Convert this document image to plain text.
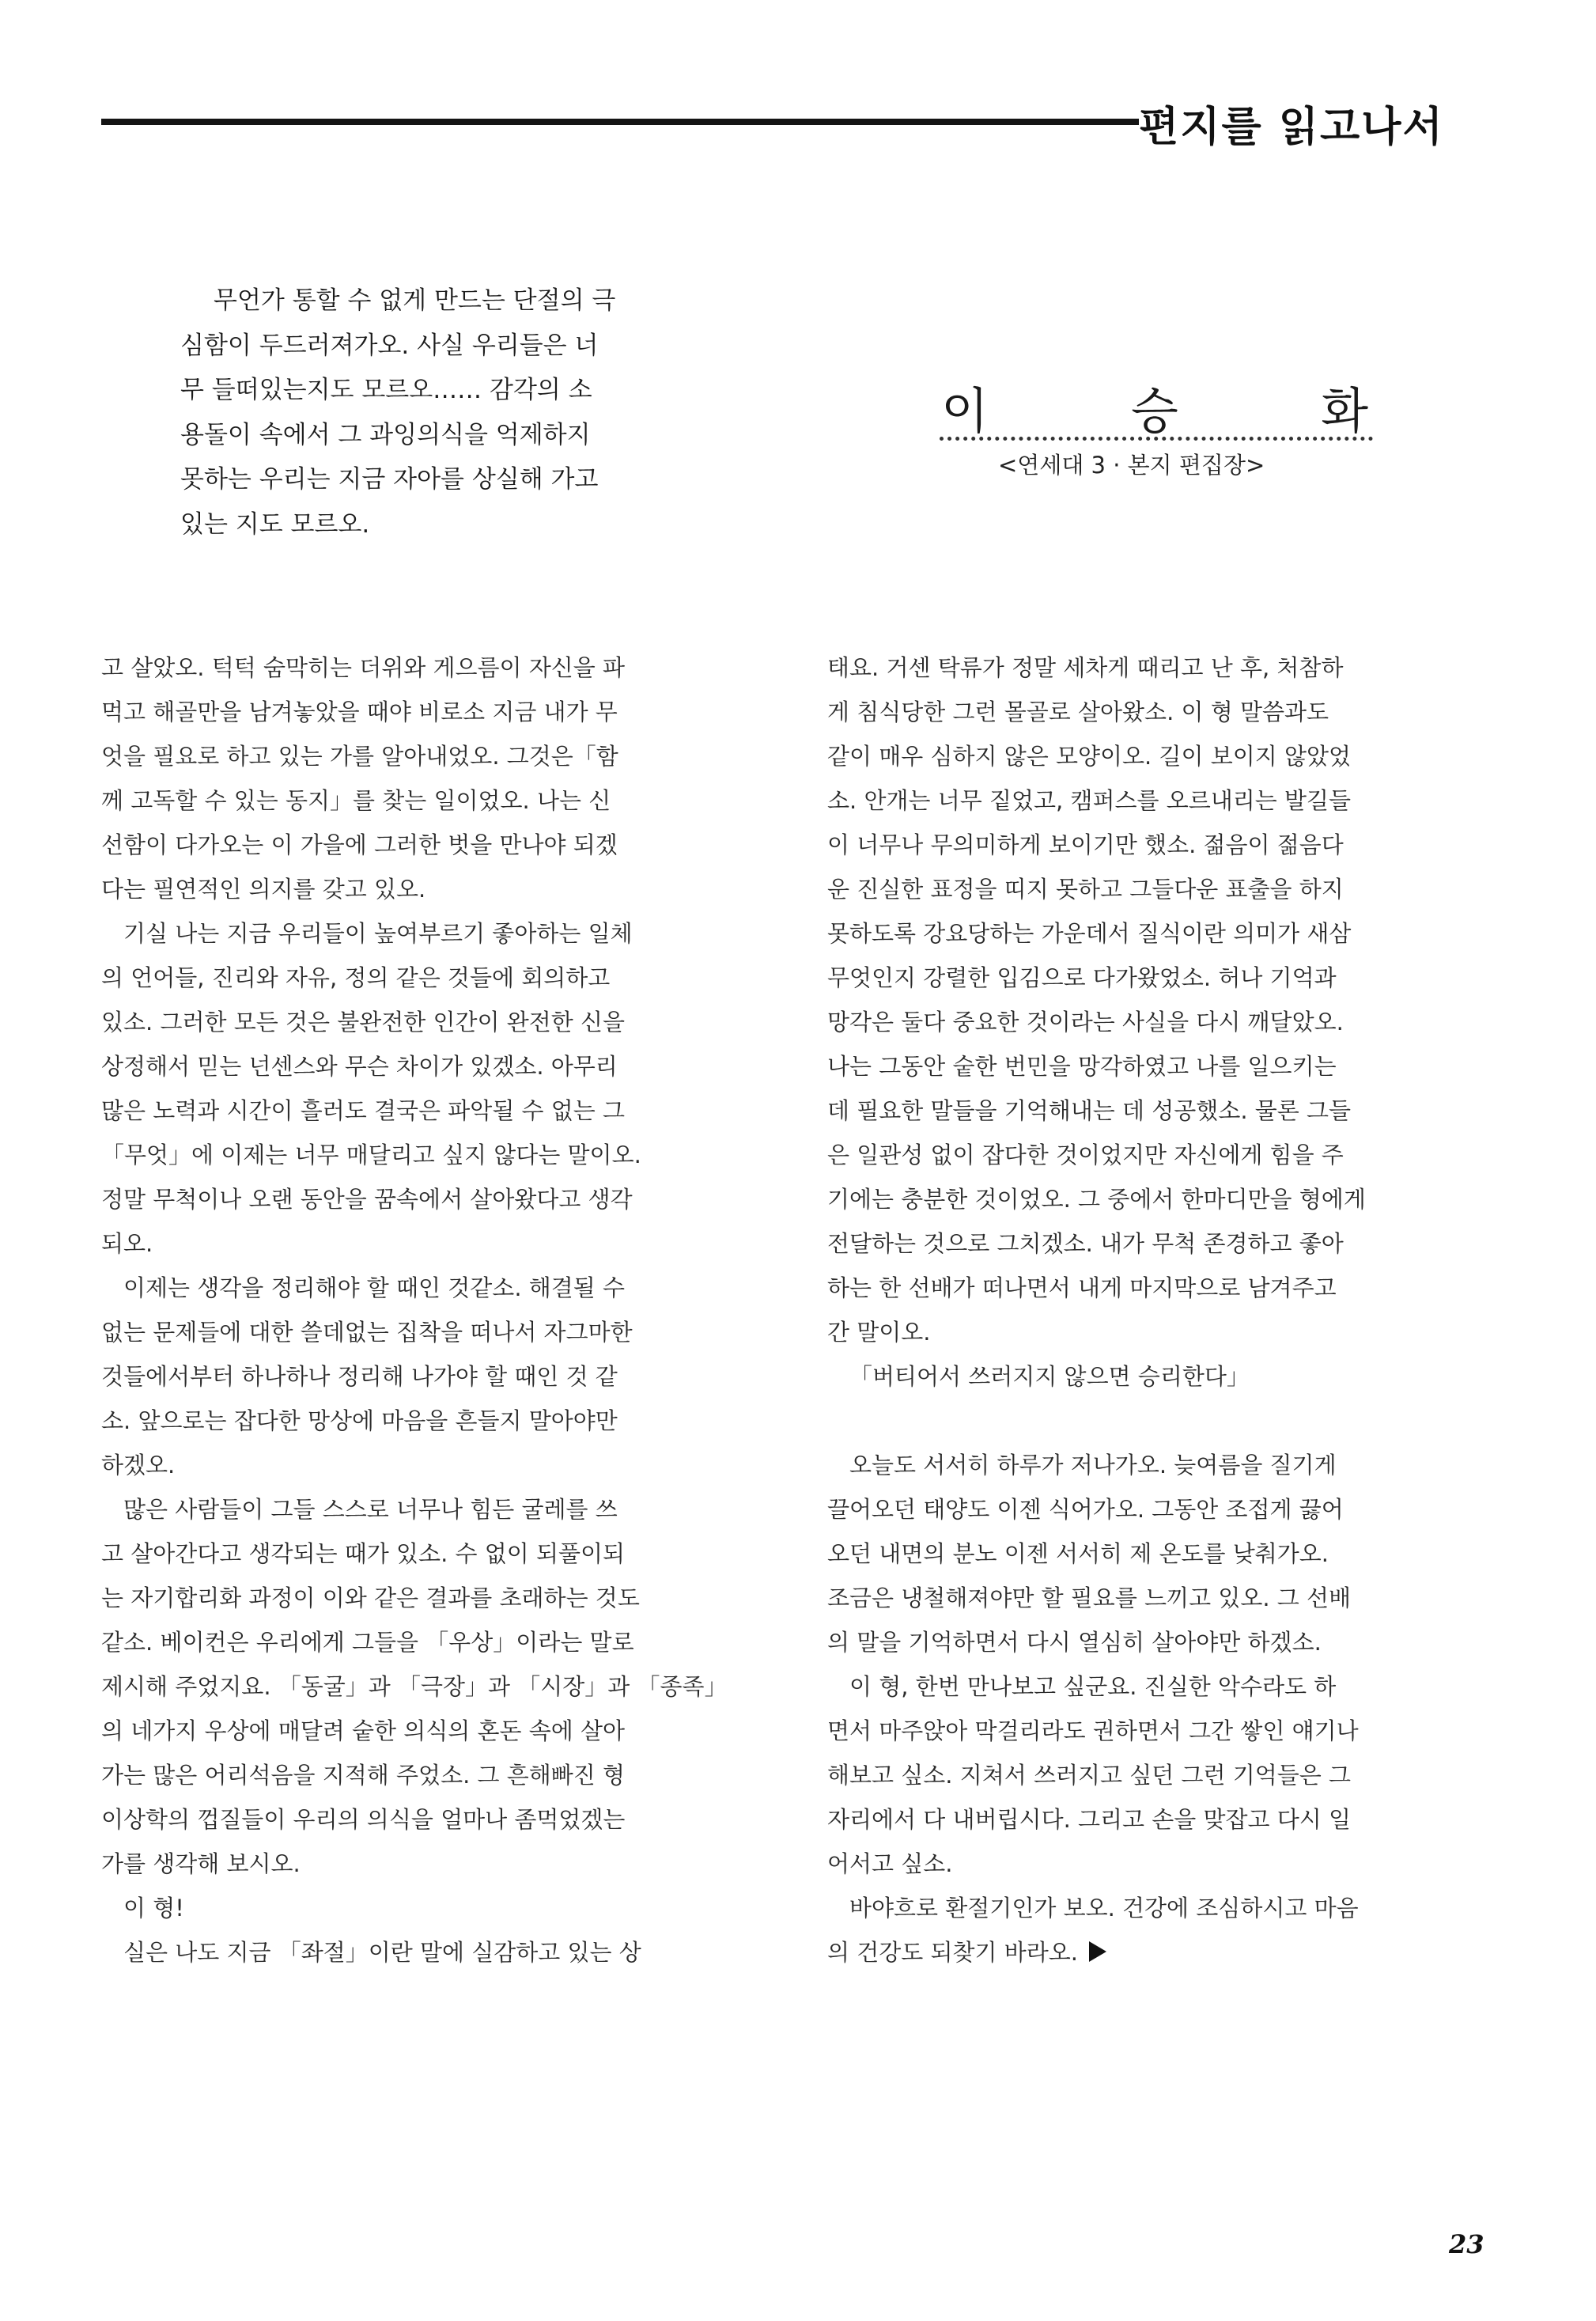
편지를 읽고나서
무언가 통할 수 없게 만드는 단절의 극
심함이 두드러져가오. 사실 우리들은 너
무 들떠있는지도 모르오…… 감각의 소
용돌이 속에서 그 과잉의식을 억제하지
못하는 우리는 지금 자아를 상실해 가고
있는 지도 모르오.
이	승	화
<연세대 3 · 본지 편집장>
고 살았오. 턱턱 숨막히는 더위와 게으름이 자신을 파
먹고 해골만을 남겨놓았을 때야 비로소 지금 내가 무
엇을 필요로 하고 있는 가를 알아내었오. 그것은「함
께 고독할 수 있는 동지」를 찾는 일이었오. 나는 신
선함이 다가오는 이 가을에 그러한 벗을 만나야 되겠
다는 필연적인 의지를 갖고 있오.
기실 나는 지금 우리들이 높여부르기 좋아하는 일체
의 언어들, 진리와 자유, 정의 같은 것들에 회의하고
있소. 그러한 모든 것은 불완전한 인간이 완전한 신을
상정해서 믿는 넌센스와 무슨 차이가 있겠소. 아무리
많은 노력과 시간이 흘러도 결국은 파악될 수 없는 그
「무엇」에 이제는 너무 매달리고 싶지 않다는 말이오.
정말 무척이나 오랜 동안을 꿈속에서 살아왔다고 생각
되오.
이제는 생각을 정리해야 할 때인 것같소. 해결될 수
없는 문제들에 대한 쓸데없는 집착을 떠나서 자그마한
것들에서부터 하나하나 정리해 나가야 할 때인 것 같
소. 앞으로는 잡다한 망상에 마음을 흔들지 말아야만
하겠오.
많은 사람들이 그들 스스로 너무나 힘든 굴레를 쓰
고 살아간다고 생각되는 때가 있소. 수 없이 되풀이되
는 자기합리화 과정이 이와 같은 결과를 초래하는 것도
같소. 베이컨은 우리에게 그들을 「우상」이라는 말로
제시해 주었지요. 「동굴」과 「극장」과 「시장」과 「종족」
의 네가지 우상에 매달려 숱한 의식의 혼돈 속에 살아
가는 많은 어리석음을 지적해 주었소. 그 흔해빠진 형
이상학의 껍질들이 우리의 의식을 얼마나 좀먹었겠는
가를 생각해 보시오.
이 형!
실은 나도 지금 「좌절」이란 말에 실감하고 있는 상
태요. 거센 탁류가 정말 세차게 때리고 난 후, 처참하
게 침식당한 그런 몰골로 살아왔소. 이 형 말씀과도
같이 매우 심하지 않은 모양이오. 길이 보이지 않았었
소. 안개는 너무 짙었고, 캠퍼스를 오르내리는 발길들
이 너무나 무의미하게 보이기만 했소. 젊음이 젊음다
운 진실한 표정을 띠지 못하고 그들다운 표출을 하지
못하도록 강요당하는 가운데서 질식이란 의미가 새삼
무엇인지 강렬한 입김으로 다가왔었소. 허나 기억과
망각은 둘다 중요한 것이라는 사실을 다시 깨달았오.
나는 그동안 숱한 번민을 망각하였고 나를 일으키는
데 필요한 말들을 기억해내는 데 성공했소. 물론 그들
은 일관성 없이 잡다한 것이었지만 자신에게 힘을 주
기에는 충분한 것이었오. 그 중에서 한마디만을 형에게
전달하는 것으로 그치겠소. 내가 무척 존경하고 좋아
하는 한 선배가 떠나면서 내게 마지막으로 남겨주고
간 말이오.
「버티어서 쓰러지지 않으면 승리한다」
오늘도 서서히 하루가 저나가오. 늦여름을 질기게
끌어오던 태양도 이젠 식어가오. 그동안 조접게 끓어
오던 내면의 분노 이젠 서서히 제 온도를 낮춰가오.
조금은 냉철해져야만 할 필요를 느끼고 있오. 그 선배
의 말을 기억하면서 다시 열심히 살아야만 하겠소.
이 형, 한번 만나보고 싶군요. 진실한 악수라도 하
면서 마주앉아 막걸리라도 권하면서 그간 쌓인 얘기나
해보고 싶소. 지쳐서 쓰러지고 싶던 그런 기억들은 그
자리에서 다 내버립시다. 그리고 손을 맞잡고 다시 일
어서고 싶소.
바야흐로 환절기인가 보오. 건강에 조심하시고 마음
의 건강도 되찾기 바라오.
23
